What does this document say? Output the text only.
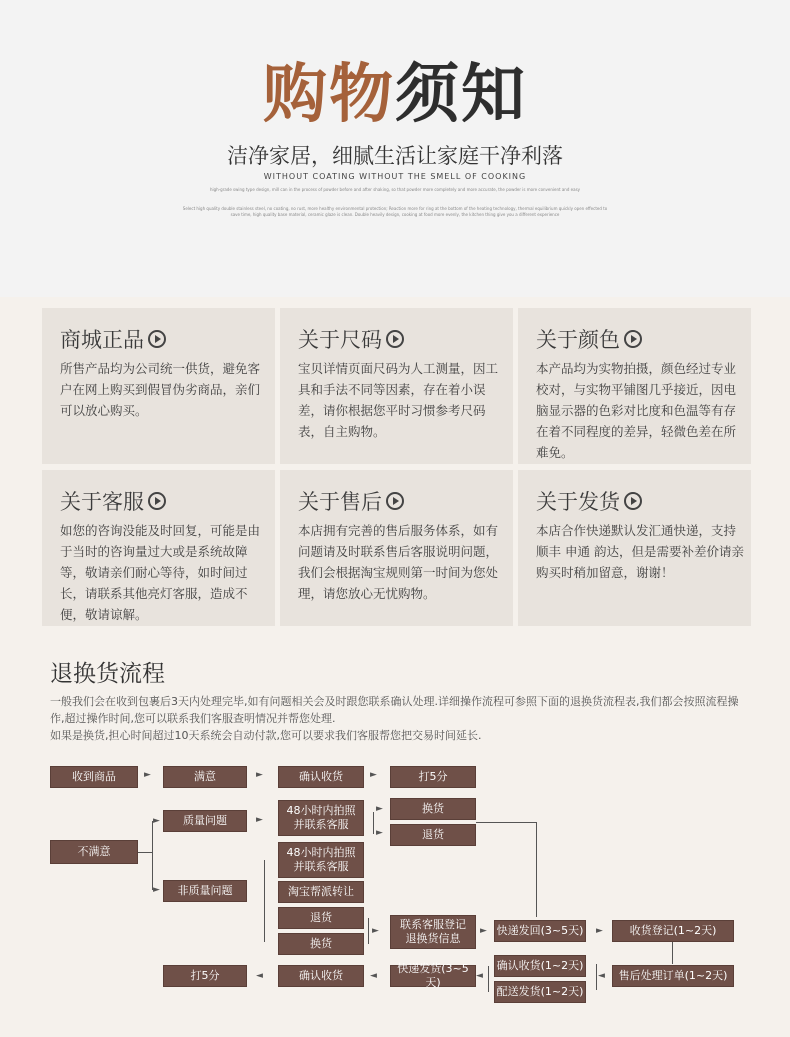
购物须知
洁净家居，细腻生活让家庭干净利落
WITHOUT COATING WITHOUT THE SMELL OF COOKING
high-grade swing type design, mill can in the process of powder before and after shaking, so that powder more completely and more accurate, the powder is more convenient and easy
Select high quality double stainless steel, no coating, no rust, more healthy environmental protection; Reaction more for ring at the bottom of the heating technology, thermal equilibrium quickly open effected to save time, high quality base material, ceramic glaze is clean. Double heavily design, cooking at food more evenly, the kitchen thing give you a different experience
商城正品
所售产品均为公司统一供货，避免客户在网上购买到假冒伪劣商品，亲们可以放心购买。
关于尺码
宝贝详情页面尺码为人工测量，因工具和手法不同等因素，存在着小误差，请你根据您平时习惯参考尺码表，自主购物。
关于颜色
本产品均为实物拍摄，颜色经过专业校对，与实物平铺图几乎接近，因电脑显示器的色彩对比度和色温等有存在着不同程度的差异，轻微色差在所难免。
关于客服
如您的咨询没能及时回复，可能是由于当时的咨询量过大或是系统故障等，敬请亲们耐心等待，如时间过长，请联系其他亮灯客服，造成不便，敬请谅解。
关于售后
本店拥有完善的售后服务体系，如有问题请及时联系售后客服说明问题，我们会根据淘宝规则第一时间为您处理，请您放心无忧购物。
关于发货
本店合作快递默认发汇通快递，支持顺丰 申通 韵达，但是需要补差价请亲购买时稍加留意，谢谢！
退换货流程
一般我们会在收到包裹后3天内处理完毕,如有问题相关会及时跟您联系确认处理.详细操作流程可参照下面的退换货流程表,我们都会按照流程操作,超过操作时间,您可以联系我们客服查明情况并帮您处理.
如果是换货,担心时间超过10天系统会自动付款,您可以要求我们客服帮您把交易时间延长.
收到商品	►	满意	►	确认收货	►	打5分
不满意
►
►
质量问题
非质量问题
►
48小时内拍照
并联系客服
►
►
换货
退货
48小时内拍照
并联系客服
淘宝帮派转让
退货
换货
►	联系客服登记
退换货信息
► 快递发回(3~5天) ►	收货登记(1~2天)
售后处理订单(1~2天)
◄
确认收货(1~2天)
配送发货(1~2天)
◄
快递发货(3~5天)
◄
确认收货
◄
打5分
